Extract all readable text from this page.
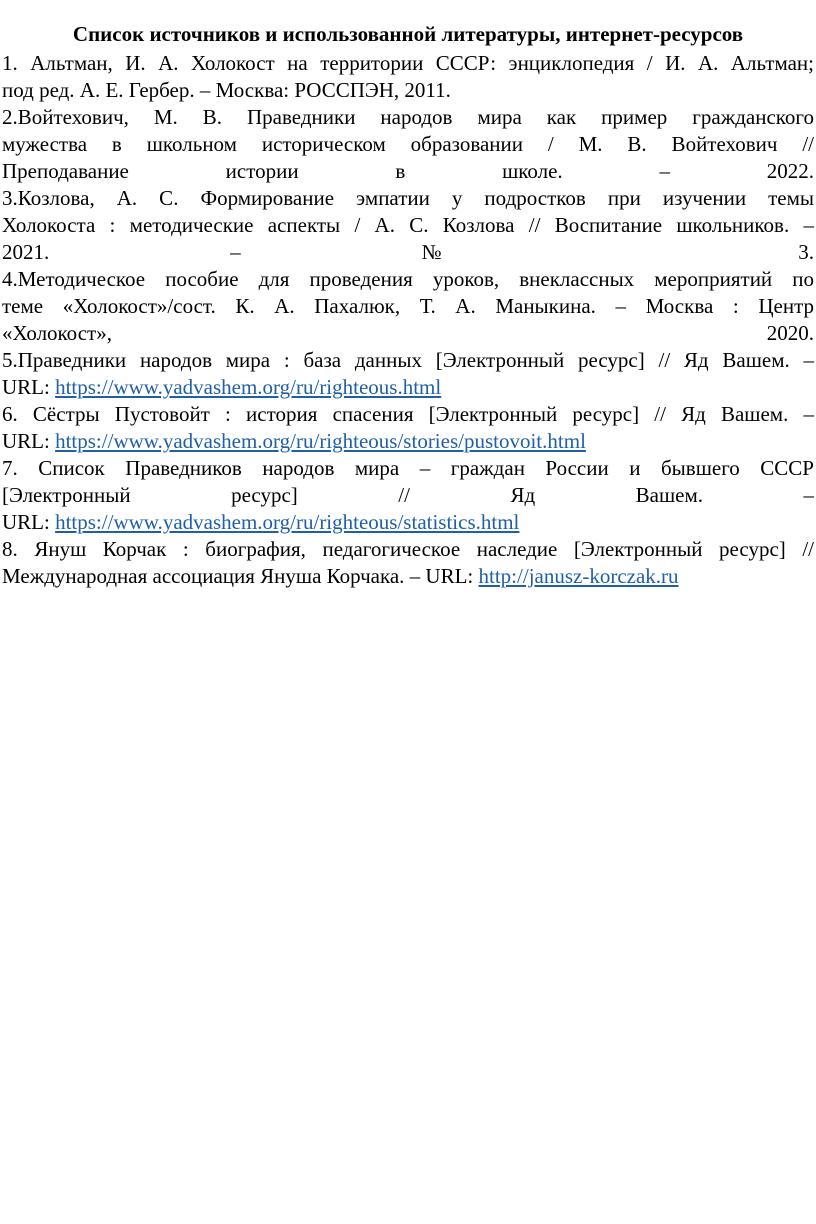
Список источников и использованной литературы, интернет-ресурсов
1. Альтман, И. А. Холокост на территории СССР: энциклопедия / И. А. Альтман;
под ред. А. Е. Гербер. – Москва: РОССПЭН, 2011.
2.Войтехович, М. В. Праведники народов мира как пример гражданского
мужества в школьном историческом образовании / М. В. Войтехович //
Преподавание истории в школе. – 2022.
3.Козлова, А. С. Формирование эмпатии у подростков при изучении темы
Холокоста : методические аспекты / А. С. Козлова // Воспитание школьников. –
2021. – № 3.
4.Методическое пособие для проведения уроков, внеклассных мероприятий по
теме «Холокост»/сост. К. А. Пахалюк, Т. А. Маныкина. – Москва : Центр
«Холокост», 2020.
5.Праведники народов мира : база данных [Электронный ресурс] // Яд Вашем. –
URL: https://www.yadvashem.org/ru/righteous.html
6. Сёстры Пустовойт : история спасения [Электронный ресурс] // Яд Вашем. –
URL: https://www.yadvashem.org/ru/righteous/stories/pustovoit.html
7. Список Праведников народов мира – граждан России и бывшего СССР
[Электронный ресурс] // Яд Вашем. –
URL: https://www.yadvashem.org/ru/righteous/statistics.html
8. Януш Корчак : биография, педагогическое наследие [Электронный ресурс] //
Международная ассоциация Януша Корчака. – URL: http://janusz-korczak.ru
